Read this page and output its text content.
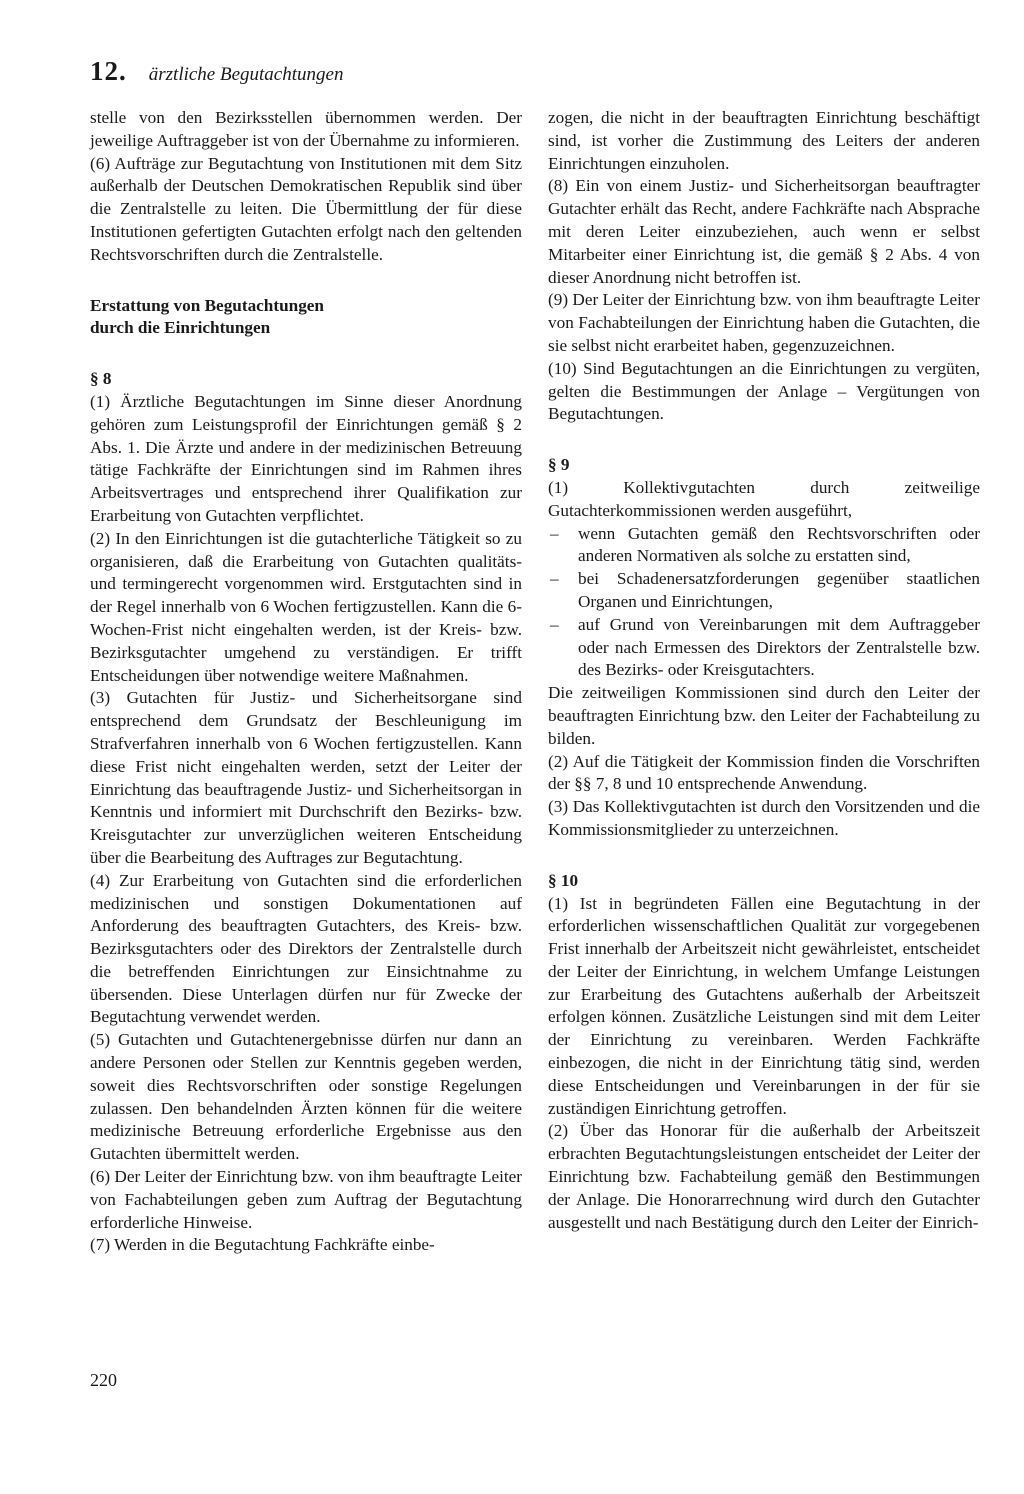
12. ärztliche Begutachtungen

stelle von den Bezirksstellen übernommen werden. Der jeweilige Auftraggeber ist von der Übernahme zu informieren.

(6) Aufträge zur Begutachtung von Institutionen mit dem Sitz außerhalb der Deutschen Demokratischen Republik sind über die Zentralstelle zu leiten. Die Übermittlung der für diese Institutionen gefertigten Gutachten erfolgt nach den geltenden Rechtsvorschriften durch die Zentralstelle.

Erstattung von Begutachtungen

durch die Einrichtungen

§ 8

(1) Ärztliche Begutachtungen im Sinne dieser Anordnung gehören zum Leistungsprofil der Einrichtungen gemäß § 2 Abs. 1. Die Ärzte und andere in der medizinischen Betreuung tätige Fachkräfte der Einrichtungen sind im Rahmen ihres Arbeitsvertrages und entsprechend ihrer Qualifikation zur Erarbeitung von Gutachten verpflichtet.

(2) In den Einrichtungen ist die gutachterliche Tätigkeit so zu organisieren, daß die Erarbeitung von Gutachten qualitäts- und termingerecht vorgenommen wird. Erstgutachten sind in der Regel innerhalb von 6 Wochen fertigzustellen. Kann die 6-Wochen-Frist nicht eingehalten werden, ist der Kreis- bzw. Bezirksgutachter umgehend zu verständigen. Er trifft Entscheidungen über notwendige weitere Maßnahmen.

(3) Gutachten für Justiz- und Sicherheitsorgane sind entsprechend dem Grundsatz der Beschleunigung im Strafverfahren innerhalb von 6 Wochen fertigzustellen. Kann diese Frist nicht eingehalten werden, setzt der Leiter der Einrichtung das beauftragende Justiz- und Sicherheitsorgan in Kenntnis und informiert mit Durchschrift den Bezirks- bzw. Kreisgutachter zur unverzüglichen weiteren Entscheidung über die Bearbeitung des Auftrages zur Begutachtung.

(4) Zur Erarbeitung von Gutachten sind die erforderlichen medizinischen und sonstigen Dokumentationen auf Anforderung des beauftragten Gutachters, des Kreis- bzw. Bezirksgutachters oder des Direktors der Zentralstelle durch die betreffenden Einrichtungen zur Einsichtnahme zu übersenden. Diese Unterlagen dürfen nur für Zwecke der Begutachtung verwendet werden.

(5) Gutachten und Gutachtenergebnisse dürfen nur dann an andere Personen oder Stellen zur Kenntnis gegeben werden, soweit dies Rechtsvorschriften oder sonstige Regelungen zulassen. Den behandelnden Ärzten können für die weitere medizinische Betreuung erforderliche Ergebnisse aus den Gutachten übermittelt werden.

(6) Der Leiter der Einrichtung bzw. von ihm beauftragte Leiter von Fachabteilungen geben zum Auftrag der Begutachtung erforderliche Hinweise.

(7) Werden in die Begutachtung Fachkräfte einbe-

zogen, die nicht in der beauftragten Einrichtung beschäftigt sind, ist vorher die Zustimmung des Leiters der anderen Einrichtungen einzuholen.

(8) Ein von einem Justiz- und Sicherheitsorgan beauftragter Gutachter erhält das Recht, andere Fachkräfte nach Absprache mit deren Leiter einzubeziehen, auch wenn er selbst Mitarbeiter einer Einrichtung ist, die gemäß § 2 Abs. 4 von dieser Anordnung nicht betroffen ist.

(9) Der Leiter der Einrichtung bzw. von ihm beauftragte Leiter von Fachabteilungen der Einrichtung haben die Gutachten, die sie selbst nicht erarbeitet haben, gegenzuzeichnen.

(10) Sind Begutachtungen an die Einrichtungen zu vergüten, gelten die Bestimmungen der Anlage – Vergütungen von Begutachtungen.

§ 9

(1) Kollektivgutachten durch zeitweilige Gutachterkommissionen werden ausgeführt,

– wenn Gutachten gemäß den Rechtsvorschriften oder anderen Normativen als solche zu erstatten sind,
– bei Schadenersatzforderungen gegenüber staatlichen Organen und Einrichtungen,
– auf Grund von Vereinbarungen mit dem Auftraggeber oder nach Ermessen des Direktors der Zentralstelle bzw. des Bezirks- oder Kreisgutachters.

Die zeitweiligen Kommissionen sind durch den Leiter der beauftragten Einrichtung bzw. den Leiter der Fachabteilung zu bilden.

(2) Auf die Tätigkeit der Kommission finden die Vorschriften der §§ 7, 8 und 10 entsprechende Anwendung.

(3) Das Kollektivgutachten ist durch den Vorsitzenden und die Kommissionsmitglieder zu unterzeichnen.

§ 10

(1) Ist in begründeten Fällen eine Begutachtung in der erforderlichen wissenschaftlichen Qualität zur vorgegebenen Frist innerhalb der Arbeitszeit nicht gewährleistet, entscheidet der Leiter der Einrichtung, in welchem Umfange Leistungen zur Erarbeitung des Gutachtens außerhalb der Arbeitszeit erfolgen können. Zusätzliche Leistungen sind mit dem Leiter der Einrichtung zu vereinbaren. Werden Fachkräfte einbezogen, die nicht in der Einrichtung tätig sind, werden diese Entscheidungen und Vereinbarungen in der für sie zuständigen Einrichtung getroffen.

(2) Über das Honorar für die außerhalb der Arbeitszeit erbrachten Begutachtungsleistungen entscheidet der Leiter der Einrichtung bzw. Fachabteilung gemäß den Bestimmungen der Anlage. Die Honorarrechnung wird durch den Gutachter ausgestellt und nach Bestätigung durch den Leiter der Einrich-

220
